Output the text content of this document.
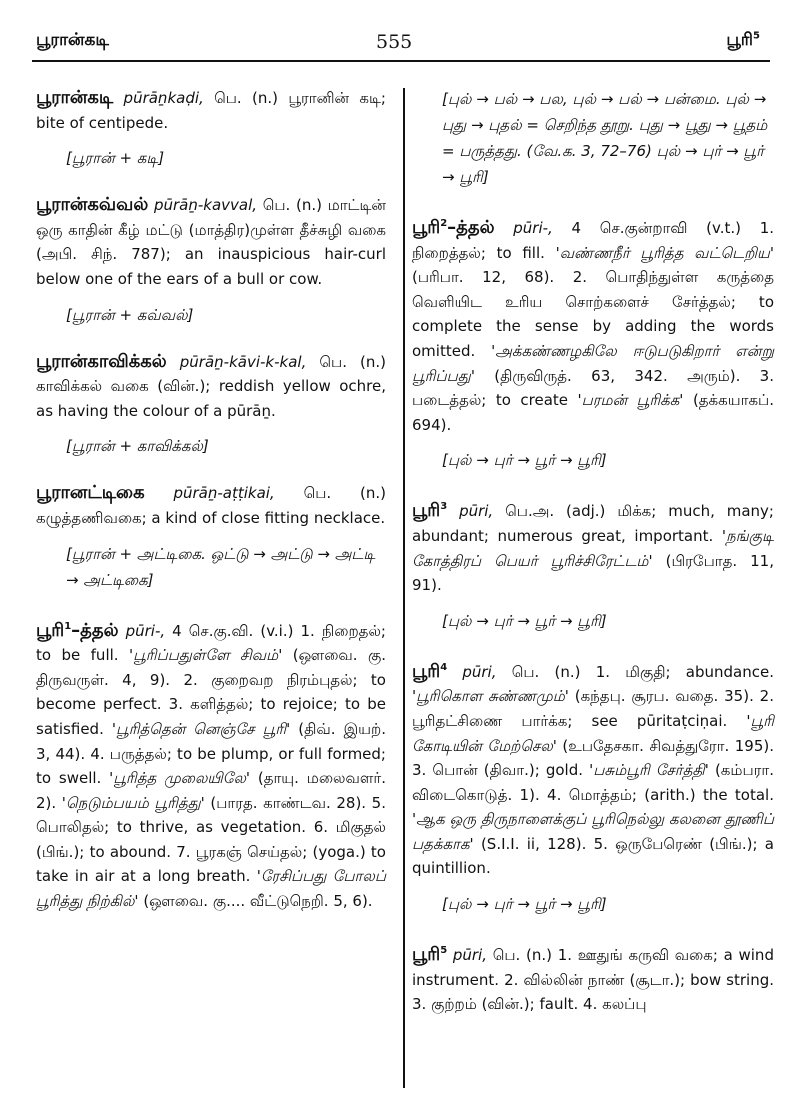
பூரான்கடி	555	பூரி$^5$
பூரான்கடி pūrāṉkaḍi, பெ. (n.) பூரானின் கடி; bite of centipede.
[பூரான் + கடி]
பூரான்கவ்வல் pūrāṉ-kavval, பெ. (n.) மாட்டின் ஒரு காதின் கீழ் மட்டு (மாத்திர)முள்ள தீச்சுழி வகை (அபி. சிந். 787); an inauspicious hair-curl below one of the ears of a bull or cow.
[பூரான் + கவ்வல்]
பூரான்காவிக்கல் pūrāṉ-kāvi-k-kal, பெ. (n.) காவிக்கல் வகை (வின்.); reddish yellow ochre, as having the colour of a pūrāṉ.
[பூரான் + காவிக்கல்]
பூரானட்டிகை pūrāṉ-aṭṭikai, பெ. (n.) கழுத்தணிவகை; a kind of close fitting necklace.
[பூரான் + அட்டிகை. ஒட்டு → அட்டு → அட்டி → அட்டிகை]
பூரி$^1$–த்தல் pūri-, 4 செ.கு.வி. (v.i.) 1. நிறைதல்; to be full. 'பூரிப்பதுள்ளே சிவம்' (ஔவை. கு. திருவருள். 4, 9). 2. குறைவற நிரம்புதல்; to become perfect. 3. களித்தல்; to rejoice; to be satisfied. 'பூரித்தென் னெஞ்சே பூரி' (திவ். இயற். 3, 44). 4. பருத்தல்; to be plump, or full formed; to swell. 'பூரித்த முலையிலே' (தாயு. மலைவளர். 2). 'நெடும்பயம் பூரித்து' (பாரத. காண்டவ. 28). 5. பொலிதல்; to thrive, as vegetation. 6. மிகுதல் (பிங்.); to abound. 7. பூரகஞ் செய்தல்; (yoga.) to take in air at a long breath. 'ரேசிப்பது போலப் பூரித்து நிற்கில்' (ஔவை. கு.... வீட்டுநெறி. 5, 6).
[புல் → பல் → பல, புல் → பல் → பன்மை. புல் → புது → புதல் = செறிந்த தூறு. புது → பூது → பூதம் = பருத்தது. (வே.க. 3, 72–76) புல் → புர் → பூர் → பூரி]
பூரி$^2$–த்தல் pūri-, 4 செ.குன்றாவி (v.t.) 1. நிறைத்தல்; to fill. 'வண்ணநீர் பூரித்த வட்டெறிய' (பரிபா. 12, 68). 2. பொதிந்துள்ள கருத்தை வெளியிட உரிய சொற்களைச் சேர்த்தல்; to complete the sense by adding the words omitted. 'அக்கண்ணழகிலே ஈடுபடுகிறார் என்று பூரிப்பது' (திருவிருத். 63, 342. அரும்). 3. படைத்தல்; to create 'பரமன் பூரிக்க' (தக்கயாகப். 694).
[புல் → புர் → பூர் → பூரி]
பூரி$^3$ pūri, பெ.அ. (adj.) மிக்க; much, many; abundant; numerous great, important. 'நங்குடி கோத்திரப் பெயர் பூரிச்சிரேட்டம்' (பிரபோத. 11, 91).
[புல் → புர் → பூர் → பூரி]
பூரி$^4$ pūri, பெ. (n.) 1. மிகுதி; abundance. 'பூரிகொள சுண்ணமும்' (கந்தபு. சூரப. வதை. 35). 2. பூரிதட்சிணை பார்க்க; see pūritaṭciṇai. 'பூரி கோடியின் மேற்செல' (உபதேசகா. சிவத்துரோ. 195). 3. பொன் (திவா.); gold. 'பசும்பூரி சேர்த்தி' (கம்பரா. விடைகொடுத். 1). 4. மொத்தம்; (arith.) the total. 'ஆக ஒரு திருநாளைக்குப் பூரிநெல்லு கலனை தூணிப் பதக்காக' (S.I.I. ii, 128). 5. ஒருபேரெண் (பிங்.); a quintillion.
[புல் → புர் → பூர் → பூரி]
பூரி$^5$ pūri, பெ. (n.) 1. ஊதுங் கருவி வகை; a wind instrument. 2. வில்லின் நாண் (சூடா.); bow string. 3. குற்றம் (வின்.); fault. 4. கலப்பு
